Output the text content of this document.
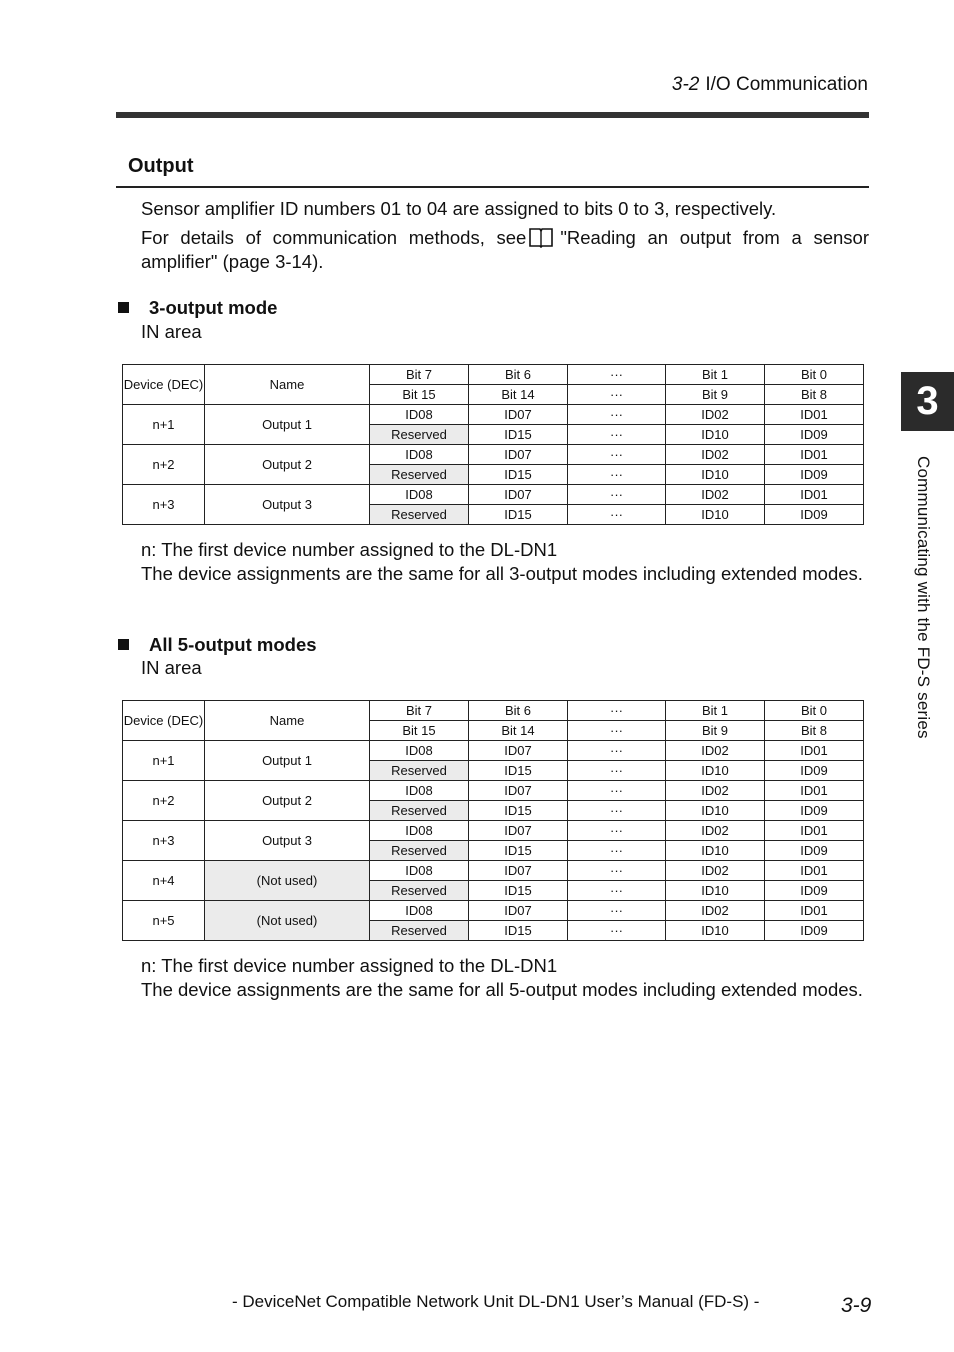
3-2 I/O Communication
Output
Sensor amplifier ID numbers 01 to 04 are assigned to bits 0 to 3, respectively.
For details of communication methods, see "Reading an output from a sensor amplifier" (page 3-14).
3-output mode
IN area
Device (DEC)	Name	Bit 7	Bit 6	···	Bit 1	Bit 0
		Bit 15	Bit 14	···	Bit 9	Bit 8
n+1	Output 1	ID08	ID07	···	ID02	ID01
		Reserved	ID15	···	ID10	ID09
n+2	Output 2	ID08	ID07	···	ID02	ID01
		Reserved	ID15	···	ID10	ID09
n+3	Output 3	ID08	ID07	···	ID02	ID01
		Reserved	ID15	···	ID10	ID09
n: The first device number assigned to the DL-DN1
The device assignments are the same for all 3-output modes including extended modes.
All 5-output modes
IN area
Device (DEC)	Name	Bit 7	Bit 6	···	Bit 1	Bit 0
		Bit 15	Bit 14	···	Bit 9	Bit 8
n+1	Output 1	ID08	ID07	···	ID02	ID01
		Reserved	ID15	···	ID10	ID09
n+2	Output 2	ID08	ID07	···	ID02	ID01
		Reserved	ID15	···	ID10	ID09
n+3	Output 3	ID08	ID07	···	ID02	ID01
		Reserved	ID15	···	ID10	ID09
n+4	(Not used)	ID08	ID07	···	ID02	ID01
		Reserved	ID15	···	ID10	ID09
n+5	(Not used)	ID08	ID07	···	ID02	ID01
		Reserved	ID15	···	ID10	ID09
n: The first device number assigned to the DL-DN1
The device assignments are the same for all 5-output modes including extended modes.
3
Communicating with the FD-S series
- DeviceNet Compatible Network Unit DL-DN1 User’s Manual (FD-S) -	3-9
